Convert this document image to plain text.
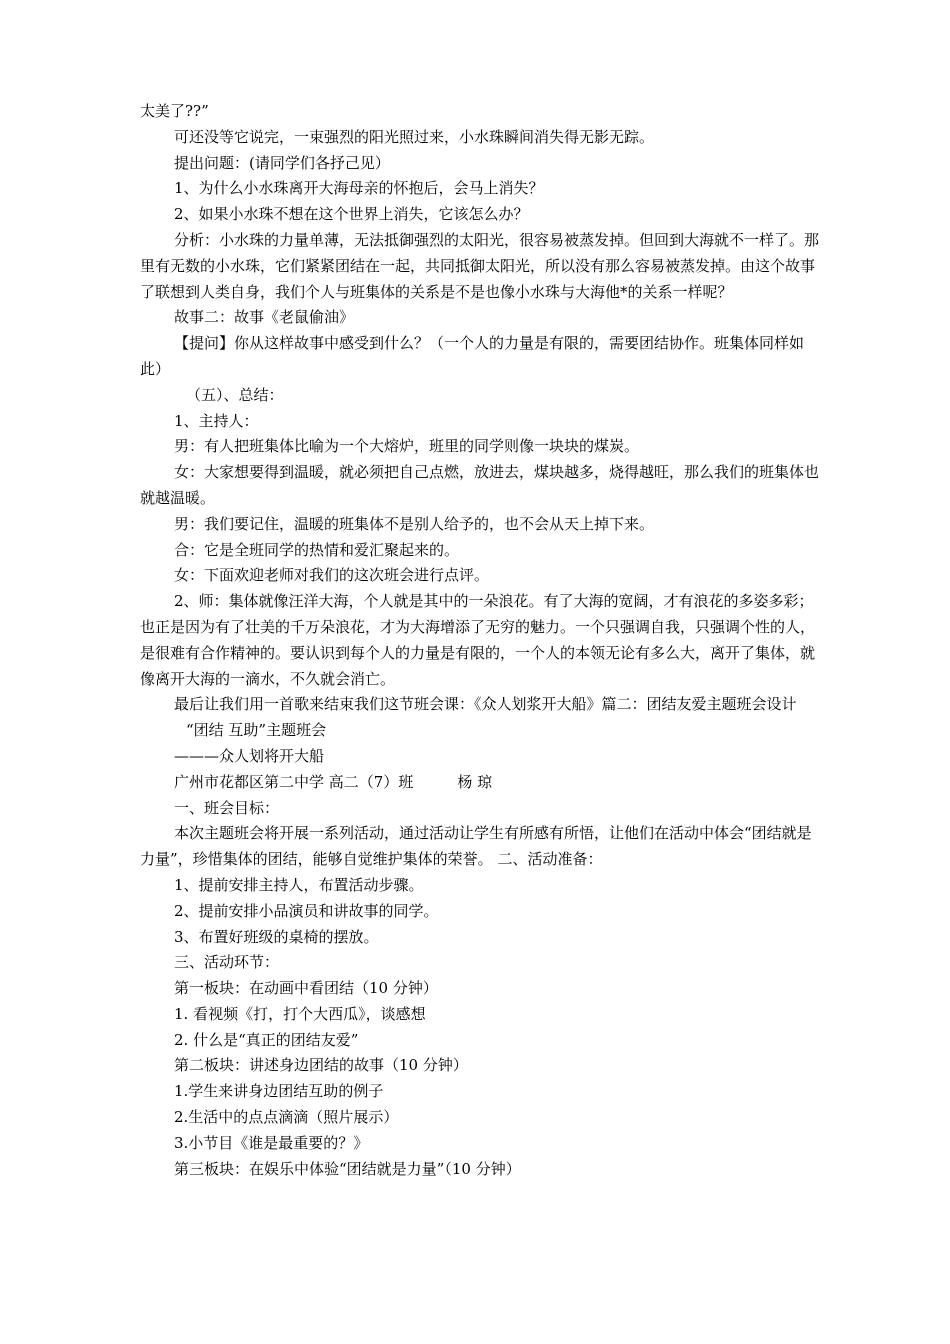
太美了??”

可还没等它说完，一束强烈的阳光照过来，小水珠瞬间消失得无影无踪。

提出问题：(请同学们各抒己见）

1、为什么小水珠离开大海母亲的怀抱后，会马上消失？

2、如果小水珠不想在这个世界上消失，它该怎么办？

分析：小水珠的力量单薄，无法抵御强烈的太阳光，很容易被蒸发掉。但回到大海就不一样了。那里有无数的小水珠，它们紧紧团结在一起，共同抵御太阳光，所以没有那么容易被蒸发掉。由这个故事了联想到人类自身，我们个人与班集体的关系是不是也像小水珠与大海他*的关系一样呢？

故事二：故事《老鼠偷油》

【提问】你从这样故事中感受到什么？（一个人的力量是有限的，需要团结协作。班集体同样如此）

（五）、总结：

1、主持人：

男：有人把班集体比喻为一个大熔炉，班里的同学则像一块块的煤炭。

女：大家想要得到温暖，就必须把自己点燃，放进去，煤块越多，烧得越旺，那么我们的班集体也就越温暖。

男：我们要记住，温暖的班集体不是别人给予的，也不会从天上掉下来。

合：它是全班同学的热情和爱汇聚起来的。

女：下面欢迎老师对我们的这次班会进行点评。

2、师：集体就像汪洋大海，个人就是其中的一朵浪花。有了大海的宽阔，才有浪花的多姿多彩；也正是因为有了壮美的千万朵浪花，才为大海增添了无穷的魅力。一个只强调自我，只强调个性的人，是很难有合作精神的。要认识到每个人的力量是有限的，一个人的本领无论有多么大，离开了集体，就像离开大海的一滴水，不久就会消亡。

最后让我们用一首歌来结束我们这节班会课：《众人划浆开大船》篇二：团结友爱主题班会设计

“团结 互助”主题班会

———众人划将开大船

广州市花都区第二中学 高二（7）班	杨 琼

一、班会目标：

本次主题班会将开展一系列活动，通过活动让学生有所感有所悟，让他们在活动中体会“团结就是力量”，珍惜集体的团结，能够自觉维护集体的荣誉。 二、活动准备：

1、提前安排主持人，布置活动步骤。

2、提前安排小品演员和讲故事的同学。

3、布置好班级的桌椅的摆放。

三、活动环节：

第一板块：在动画中看团结（10 分钟）

1. 看视频《打，打个大西瓜》，谈感想

2. 什么是“真正的团结友爱”

第二板块：讲述身边团结的故事（10 分钟）

1.学生来讲身边团结互助的例子

2.生活中的点点滴滴（照片展示）

3.小节目《谁是最重要的？》

第三板块：在娱乐中体验“团结就是力量”（10 分钟）
